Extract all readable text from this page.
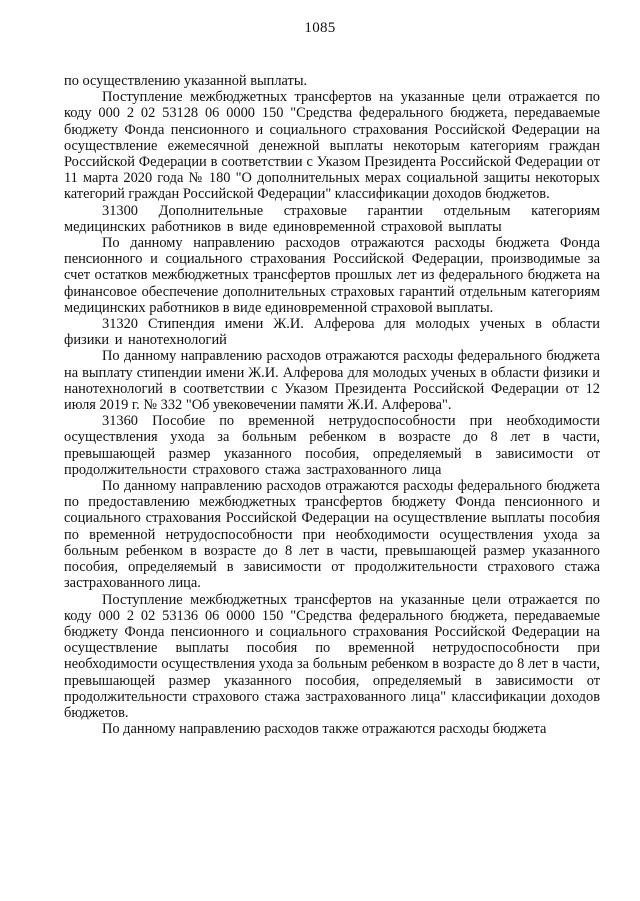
1085

по осуществлению указанной выплаты.

Поступление межбюджетных трансфертов на указанные цели отражается по коду 000 2 02 53128 06 0000 150 "Средства федерального бюджета, передаваемые бюджету Фонда пенсионного и социального страхования Российской Федерации на осуществление ежемесячной денежной выплаты некоторым категориям граждан Российской Федерации в соответствии с Указом Президента Российской Федерации от 11 марта 2020 года № 180 "О дополнительных мерах социальной защиты некоторых категорий граждан Российской Федерации" классификации доходов бюджетов.

31300 Дополнительные страховые гарантии отдельным категориям медицинских работников в виде единовременной страховой выплаты

По данному направлению расходов отражаются расходы бюджета Фонда пенсионного и социального страхования Российской Федерации, производимые за счет остатков межбюджетных трансфертов прошлых лет из федерального бюджета на финансовое обеспечение дополнительных страховых гарантий отдельным категориям медицинских работников в виде единовременной страховой выплаты.

31320 Стипендия имени Ж.И. Алферова для молодых ученых в области физики и нанотехнологий

По данному направлению расходов отражаются расходы федерального бюджета на выплату стипендии имени Ж.И. Алферова для молодых ученых в области физики и нанотехнологий в соответствии с Указом Президента Российской Федерации от 12 июля 2019 г. № 332 "Об увековечении памяти Ж.И. Алферова".

31360 Пособие по временной нетрудоспособности при необходимости осуществления ухода за больным ребенком в возрасте до 8 лет в части, превышающей размер указанного пособия, определяемый в зависимости от продолжительности страхового стажа застрахованного лица

По данному направлению расходов отражаются расходы федерального бюджета по предоставлению межбюджетных трансфертов бюджету Фонда пенсионного и социального страхования Российской Федерации на осуществление выплаты пособия по временной нетрудоспособности при необходимости осуществления ухода за больным ребенком в возрасте до 8 лет в части, превышающей размер указанного пособия, определяемый в зависимости от продолжительности страхового стажа застрахованного лица.

Поступление межбюджетных трансфертов на указанные цели отражается по коду 000 2 02 53136 06 0000 150 "Средства федерального бюджета, передаваемые бюджету Фонда пенсионного и социального страхования Российской Федерации на осуществление выплаты пособия по временной нетрудоспособности при необходимости осуществления ухода за больным ребенком в возрасте до 8 лет в части, превышающей размер указанного пособия, определяемый в зависимости от продолжительности страхового стажа застрахованного лица" классификации доходов бюджетов.

По данному направлению расходов также отражаются расходы бюджета
